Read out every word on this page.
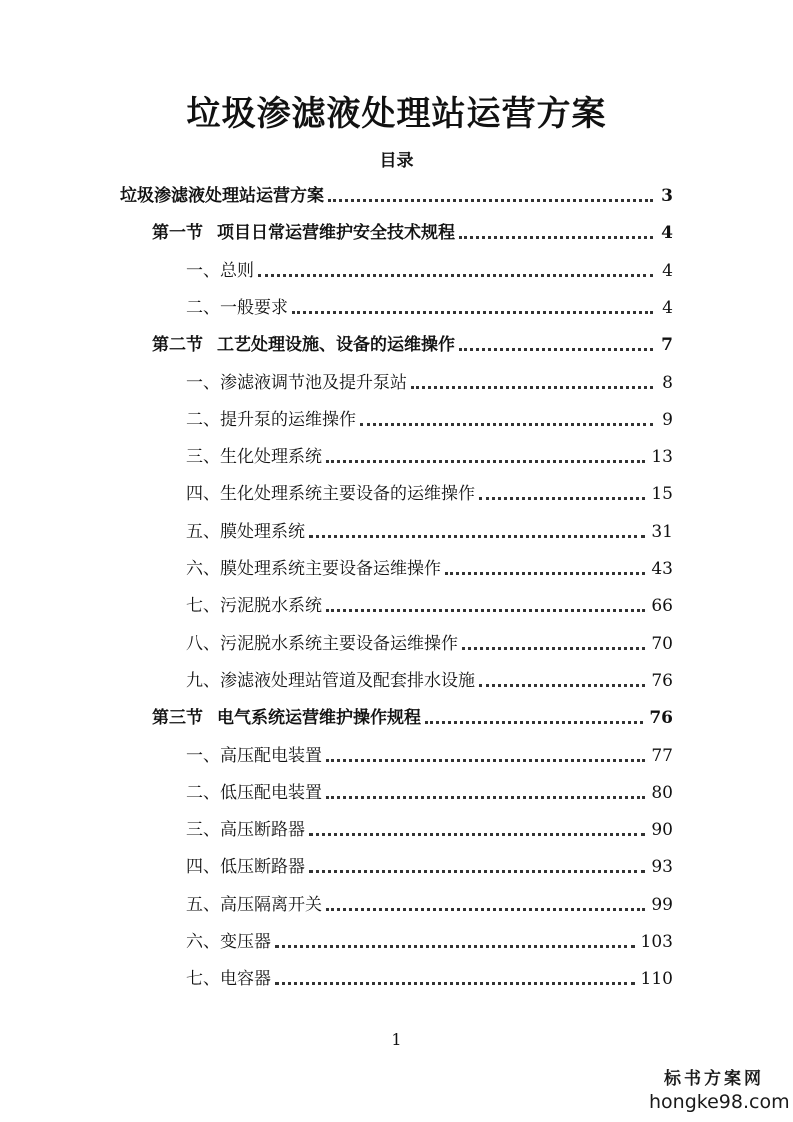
垃圾渗滤液处理站运营方案
目录
垃圾渗滤液处理站运营方案	3
第一节 项目日常运营维护安全技术规程	4
一、 总则	4
二、 一般要求	4
第二节 工艺处理设施、设备的运维操作	7
一、 渗滤液调节池及提升泵站	8
二、 提升泵的运维操作	9
三、 生化处理系统	13
四、 生化处理系统主要设备的运维操作	15
五、 膜处理系统	31
六、 膜处理系统主要设备运维操作	43
七、 污泥脱水系统	66
八、 污泥脱水系统主要设备运维操作	70
九、 渗滤液处理站管道及配套排水设施	76
第三节 电气系统运营维护操作规程	76
一、 高压配电装置	77
二、 低压配电装置	80
三、 高压断路器	90
四、 低压断路器	93
五、 高压隔离开关	99
六、 变压器	103
七、 电容器	110
1
标书方案网
hongke98.com
